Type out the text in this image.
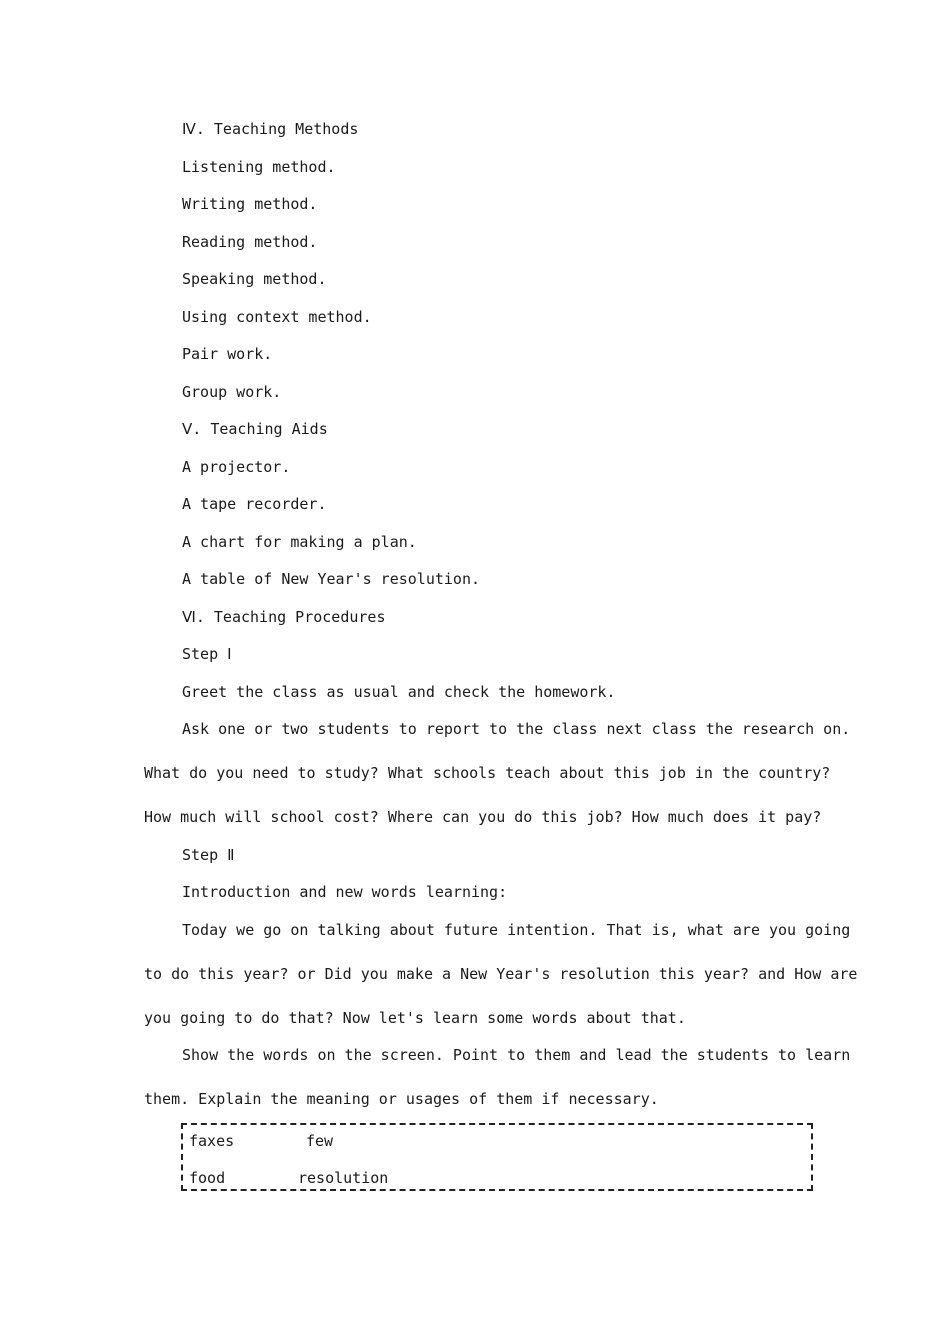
Ⅳ. Teaching Methods
Listening method.
Writing method.
Reading method.
Speaking method.
Using context method.
Pair work.
Group work.
Ⅴ. Teaching Aids
A projector.
A tape recorder.
A chart for making a plan.
A table of New Year's resolution.
Ⅵ. Teaching Procedures
Step Ⅰ
Greet the class as usual and check the homework.
Ask one or two students to report to the class next class the research on.
What do you need to study? What schools teach about this job in the country?
How much will school cost? Where can you do this job? How much does it pay?
Step Ⅱ
Introduction and new words learning:
Today we go on talking about future intention. That is, what are you going
to do this year? or Did you make a New Year's resolution this year? and How are
you going to do that? Now let's learn some words about that.
Show the words on the screen. Point to them and lead the students to learn
them. Explain the meaning or usages of them if necessary.
faxes	few
food	resolution
